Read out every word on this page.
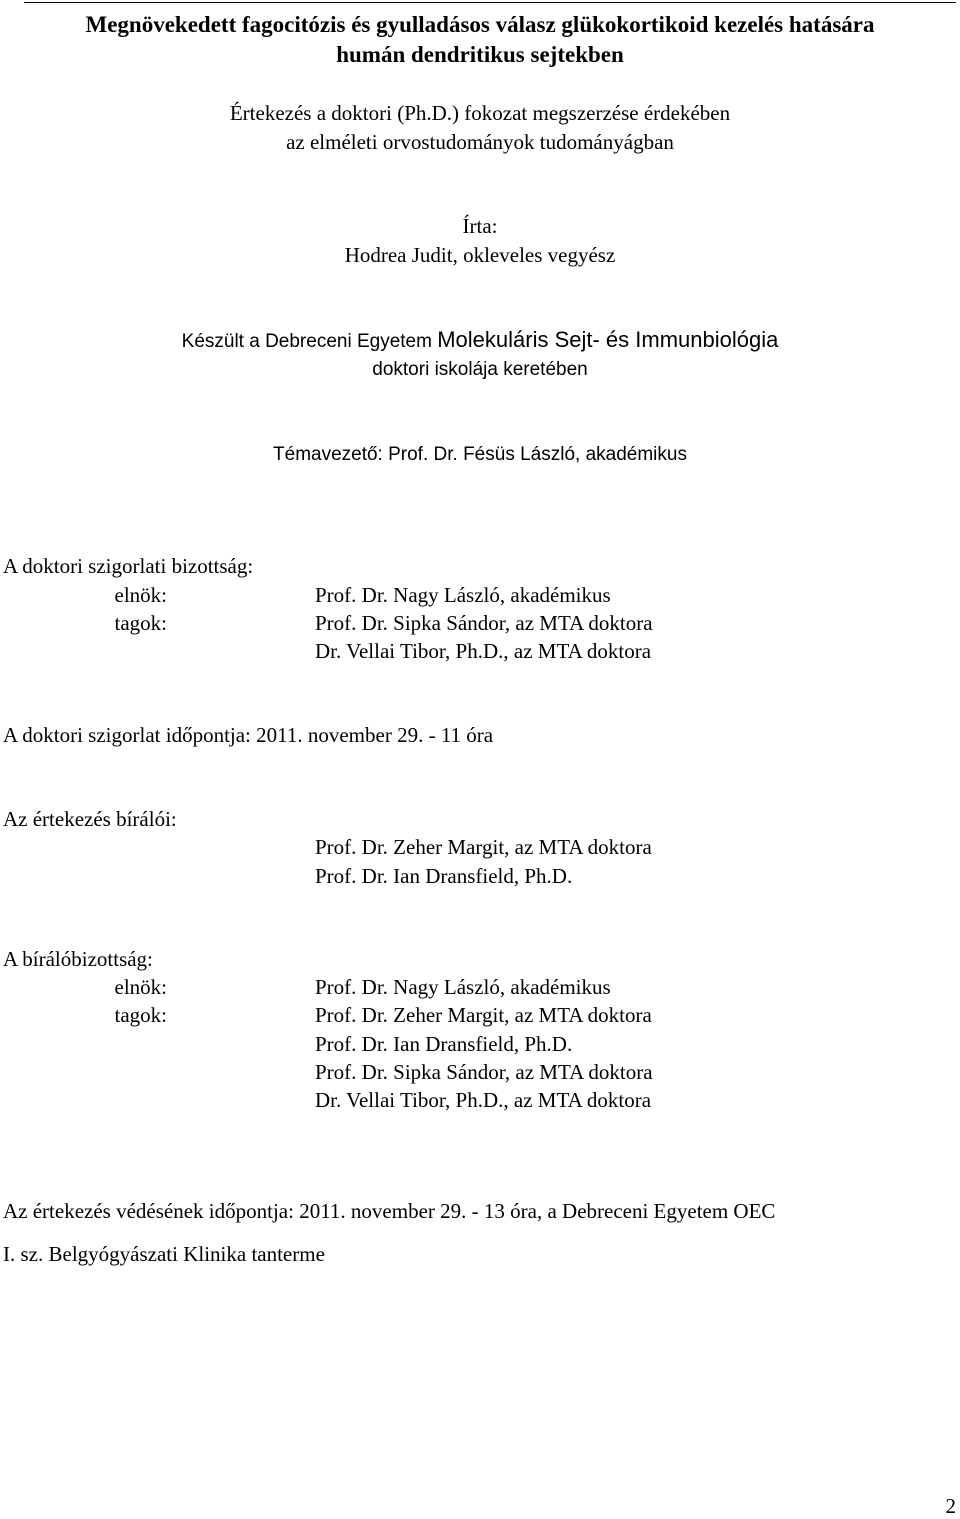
Megnövekedett fagocitózis és gyulladásos válasz glükokortikoid kezelés hatására
humán dendritikus sejtekben
Értekezés a doktori (Ph.D.) fokozat megszerzése érdekében
az elméleti orvostudományok tudományágban
Írta:
Hodrea Judit, okleveles vegyész
Készült a Debreceni Egyetem Molekuláris Sejt- és Immunbiológia
doktori iskolája keretében
Témavezető: Prof. Dr. Fésüs László, akadémikus
A doktori szigorlati bizottság:
elnök:	Prof. Dr. Nagy László, akadémikus
tagok:	Prof. Dr. Sipka Sándor, az MTA doktora
Dr. Vellai Tibor, Ph.D., az MTA doktora
A doktori szigorlat időpontja: 2011. november 29. - 11 óra
Az értekezés bírálói:
Prof. Dr. Zeher Margit, az MTA doktora
Prof. Dr. Ian Dransfield, Ph.D.
A bírálóbizottság:
elnök:	Prof. Dr. Nagy László, akadémikus
tagok:	Prof. Dr. Zeher Margit, az MTA doktora
Prof. Dr. Ian Dransfield, Ph.D.
Prof. Dr. Sipka Sándor, az MTA doktora
Dr. Vellai Tibor, Ph.D., az MTA doktora
Az értekezés védésének időpontja: 2011. november 29. - 13 óra, a Debreceni Egyetem OEC
I. sz. Belgyógyászati Klinika tanterme
2
